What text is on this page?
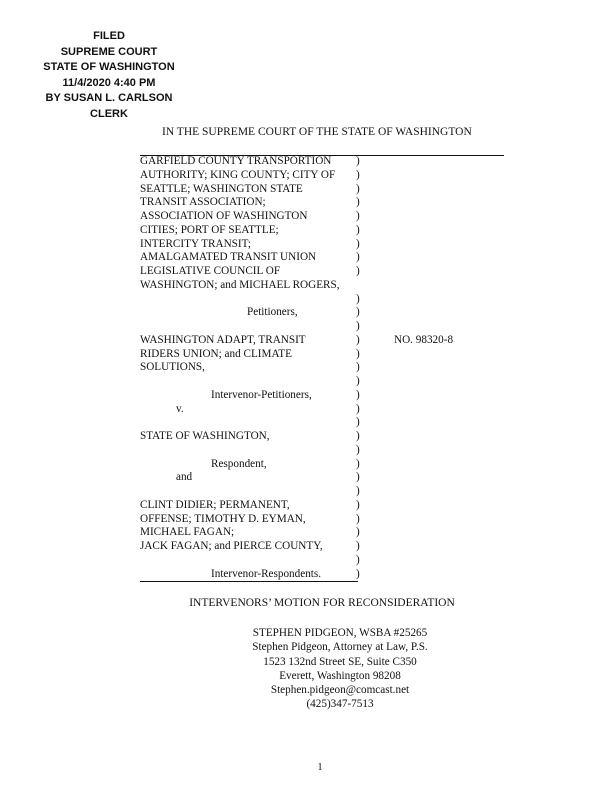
FILED
SUPREME COURT
STATE OF WASHINGTON
11/4/2020 4:40 PM
BY SUSAN L. CARLSON
CLERK
IN THE SUPREME COURT OF THE STATE OF WASHINGTON
GARFIELD COUNTY TRANSPORTION
AUTHORITY; KING COUNTY; CITY OF
SEATTLE; WASHINGTON STATE
TRANSIT ASSOCIATION;
ASSOCIATION OF WASHINGTON
CITIES; PORT OF SEATTLE;
INTERCITY TRANSIT;
AMALGAMATED TRANSIT UNION
LEGISLATIVE COUNCIL OF
WASHINGTON; and MICHAEL ROGERS,
Petitioners,
WASHINGTON ADAPT, TRANSIT
RIDERS UNION; and CLIMATE
SOLUTIONS,
Intervenor-Petitioners,
v.
STATE OF WASHINGTON,
Respondent,
and
CLINT DIDIER; PERMANENT,
OFFENSE; TIMOTHY D. EYMAN,
MICHAEL FAGAN;
JACK FAGAN; and PIERCE COUNTY,
Intervenor-Respondents.
)
)
)
)
)
)
)
)
)
)
)
)
)
)
)
)
)
)
)
)
)
)
)
)
)
)
)
)
)
)
NO. 98320-8
INTERVENORS’ MOTION FOR RECONSIDERATION
STEPHEN PIDGEON, WSBA #25265
Stephen Pidgeon, Attorney at Law, P.S.
1523 132nd Street SE, Suite C350
Everett, Washington 98208
Stephen.pidgeon@comcast.net
(425)347-7513
1
